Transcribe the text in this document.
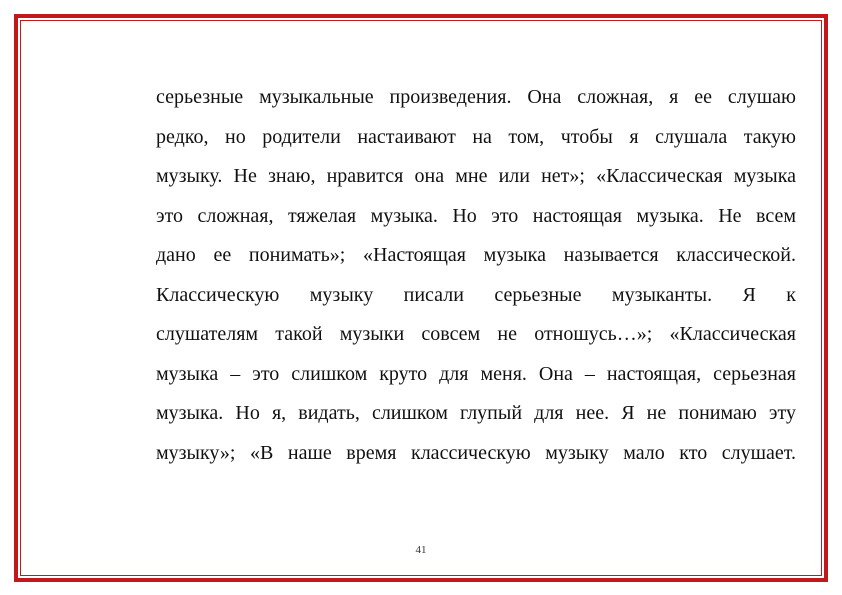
серьезные музыкальные произведения. Она сложная, я ее слушаю
редко, но родители настаивают на том, чтобы я слушала такую
музыку. Не знаю, нравится она мне или нет»; «Классическая музыка
это сложная, тяжелая музыка. Но это настоящая музыка. Не всем
дано ее понимать»; «Настоящая музыка называется классической.
Классическую музыку писали серьезные музыканты. Я к
слушателям такой музыки совсем не отношусь…»; «Классическая
музыка – это слишком круто для меня. Она – настоящая, серьезная
музыка. Но я, видать, слишком глупый для нее. Я не понимаю эту
музыку»; «В наше время классическую музыку мало кто слушает.
41
